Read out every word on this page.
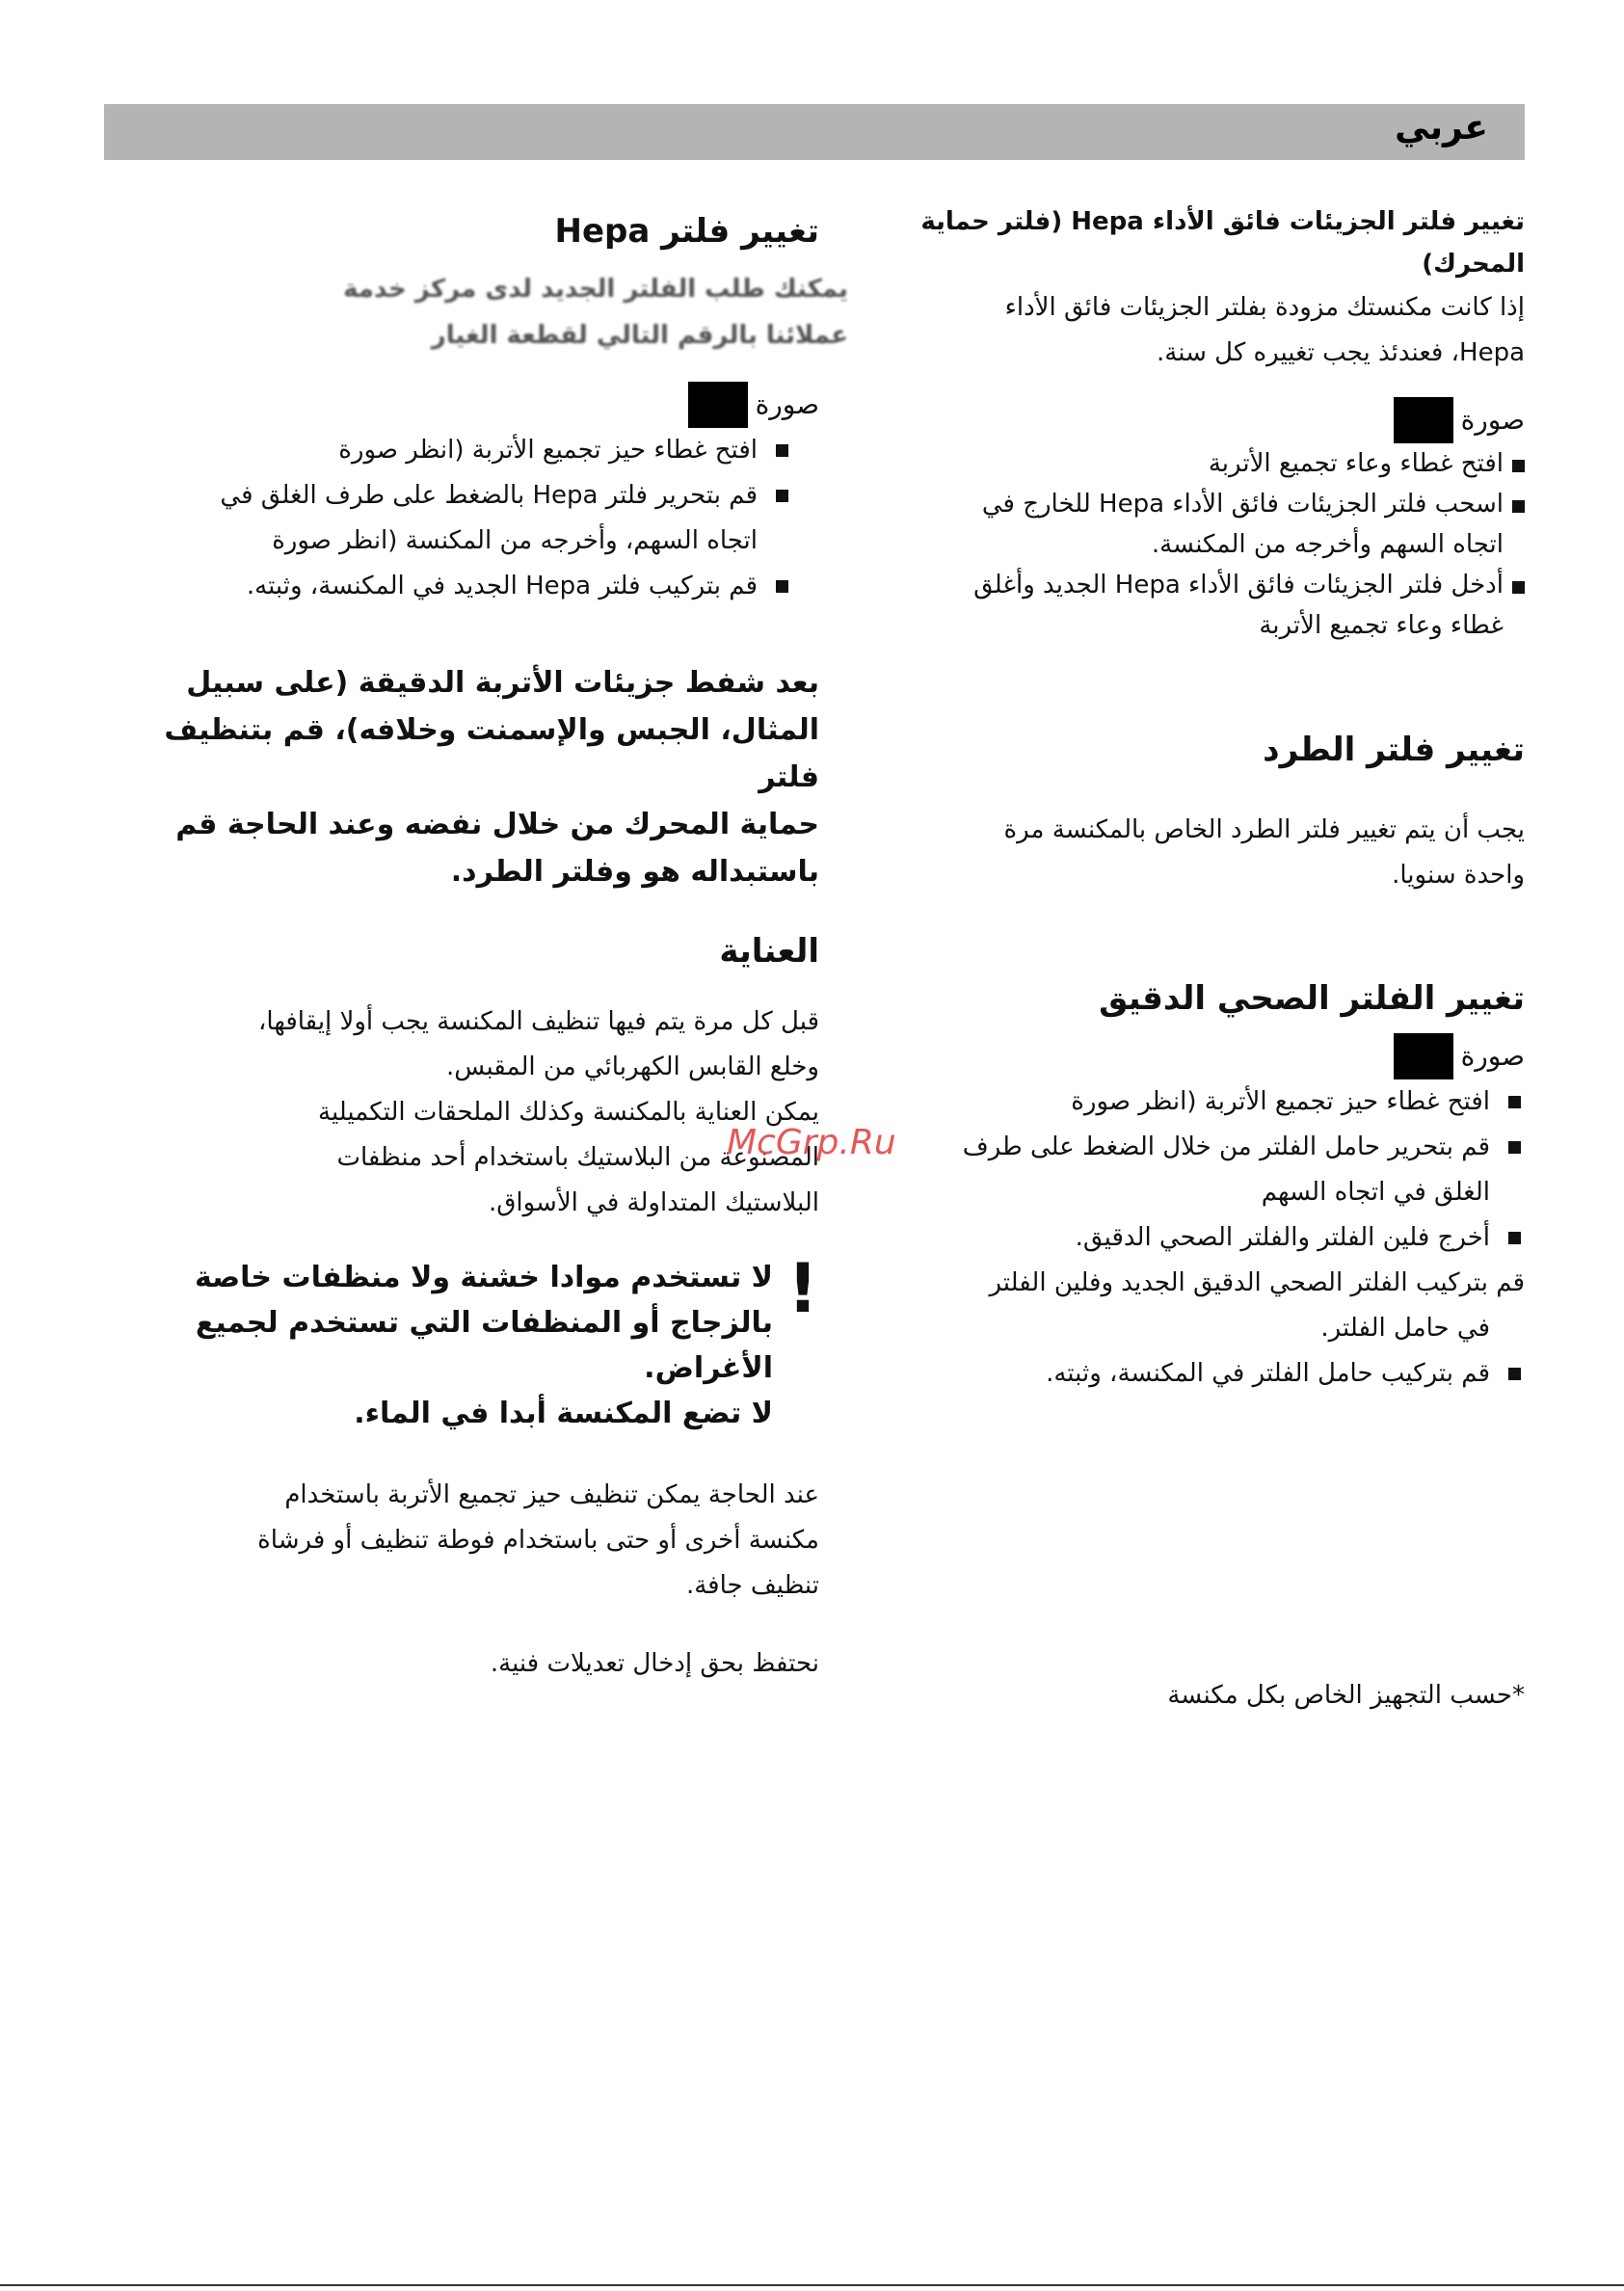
عربي
تغيير فلتر الجزيئات فائق الأداء Hepa (فلتر حماية
المحرك)

إذا كانت مكنستك مزودة بفلتر الجزيئات فائق الأداء

Hepa، فعندئذ يجب تغييره كل سنة.

صورة
افتح غطاء وعاء تجميع الأتربة
اسحب فلتر الجزيئات فائق الأداء Hepa للخارج في
اتجاه السهم وأخرجه من المكنسة.
أدخل فلتر الجزيئات فائق الأداء Hepa الجديد وأغلق
غطاء وعاء تجميع الأتربة
تغيير فلتر الطرد

يجب أن يتم تغيير فلتر الطرد الخاص بالمكنسة مرة

واحدة سنويا.

تغيير الفلتر الصحي الدقيق
صورة
افتح غطاء حيز تجميع الأتربة (انظر صورة
قم بتحرير حامل الفلتر من خلال الضغط على طرف
الغلق في اتجاه السهم
أخرج فلين الفلتر والفلتر الصحي الدقيق.
قم بتركيب الفلتر الصحي الدقيق الجديد وفلين الفلتر
في حامل الفلتر.
قم بتركيب حامل الفلتر في المكنسة، وثبته.
*حسب التجهيز الخاص بكل مكنسة
تغيير فلتر Hepa
يمكنك طلب الفلتر الجديد لدى مركز خدمة
عملائنا بالرقم التالي لقطعة الغيار
صورة
افتح غطاء حيز تجميع الأتربة (انظر صورة
قم بتحرير فلتر Hepa بالضغط على طرف الغلق في
اتجاه السهم، وأخرجه من المكنسة (انظر صورة
قم بتركيب فلتر Hepa الجديد في المكنسة، وثبته.
بعد شفط جزيئات الأتربة الدقيقة (على سبيل
المثال، الجبس والإسمنت وخلافه)، قم بتنظيف فلتر
حماية المحرك من خلال نفضه وعند الحاجة قم
باستبداله هو وفلتر الطرد.
العناية
قبل كل مرة يتم فيها تنظيف المكنسة يجب أولا إيقافها،
وخلع القابس الكهربائي من المقبس.
يمكن العناية بالمكنسة وكذلك الملحقات التكميلية
المصنوعة من البلاستيك باستخدام أحد منظفات
البلاستيك المتداولة في الأسواق.
!
لا تستخدم موادا خشنة ولا منظفات خاصة
بالزجاج أو المنظفات التي تستخدم لجميع
الأغراض.
لا تضع المكنسة أبدا في الماء.
عند الحاجة يمكن تنظيف حيز تجميع الأتربة باستخدام
مكنسة أخرى أو حتى باستخدام فوطة تنظيف أو فرشاة
تنظيف جافة.

نحتفظ بحق إدخال تعديلات فنية.

McGrp.Ru
